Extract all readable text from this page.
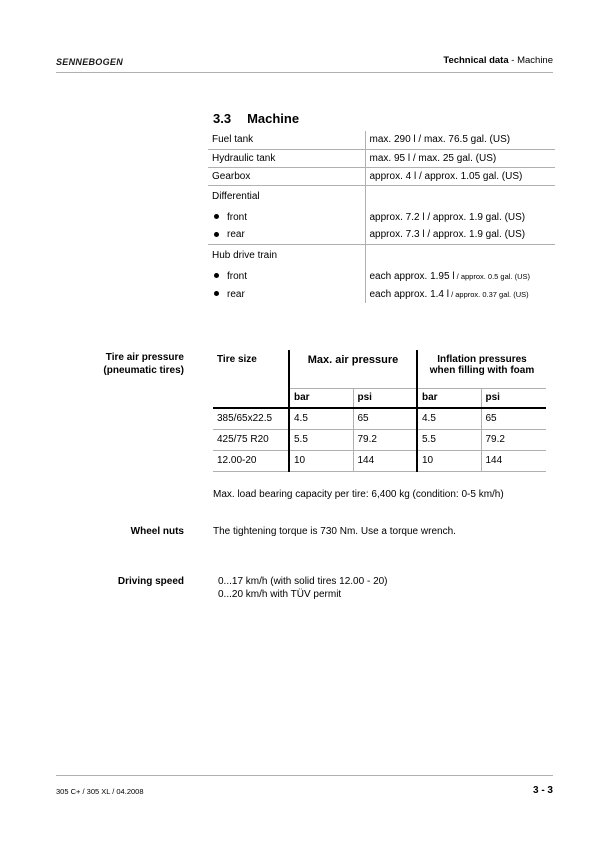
SENNEBOGEN	Technical data - Machine
3.3 Machine
Fuel tank	max. 290 l / max. 76.5 gal. (US)
Hydraulic tank	max. 95 l / max. 25 gal. (US)
Gearbox	approx. 4 l / approx. 1.05 gal. (US)
Differential	
front	approx. 7.2 l / approx. 1.9 gal. (US)
rear	approx. 7.3 l / approx. 1.9 gal. (US)
Hub drive train	
front	each approx. 1.95 l / approx. 0.5 gal. (US)
rear	each approx. 1.4 l / approx. 0.37 gal. (US)
Tire air pressure
(pneumatic tires)
Tire size	Max. air pressure		Inflation pressures
when filling with foam	

	bar	psi	bar	psi
385/65x22.5	4.5	65	4.5	65
425/75 R20	5.5	79.2	5.5	79.2
12.00-20	10	144	10	144
Max. load bearing capacity per tire: 6,400 kg (condition: 0-5 km/h)
Wheel nuts	The tightening torque is 730 Nm. Use a torque wrench.
Driving speed	0...17 km/h (with solid tires 12.00 - 20)
0...20 km/h with TÜV permit
305 C+ / 305 XL / 04.2008	3 - 3
